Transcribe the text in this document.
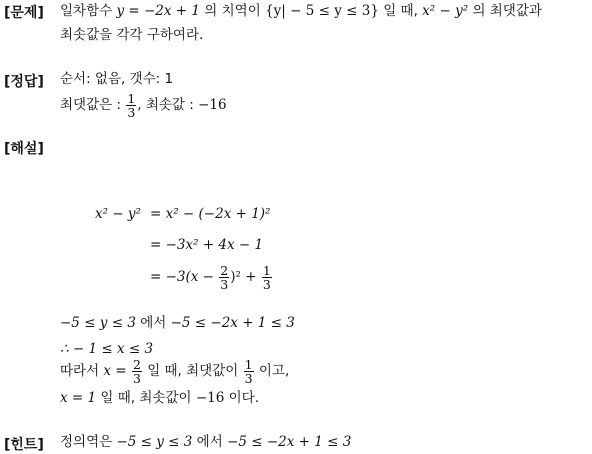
[문제] 일차함수 y = −2x + 1 의 치역이 {y| − 5 ≤ y ≤ 3} 일 때, x² − y² 의 최댓값과
최솟값을 각각 구하여라.
[정답] 순서: 없음, 갯수: 1
최댓값은 : $\frac{1}{3}$ , 최솟값 : −16
[해설]
x² − y² = x² − (−2x + 1)²
= −3x² + 4x − 1
= $-3(x - \frac{2}{3} )^2 + \frac{1}{3}$
−5 ≤ y ≤ 3 에서 −5 ≤ −2x + 1 ≤ 3
∴ − 1 ≤ x ≤ 3
따라서 $x = \frac{2}{3}$ 일 때, 최댓값이 $\frac{1}{3}$ 이고,
x = 1 일 때, 최솟값이 −16 이다.
[힌트] 정의역은 −5 ≤ y ≤ 3 에서 −5 ≤ −2x + 1 ≤ 3
